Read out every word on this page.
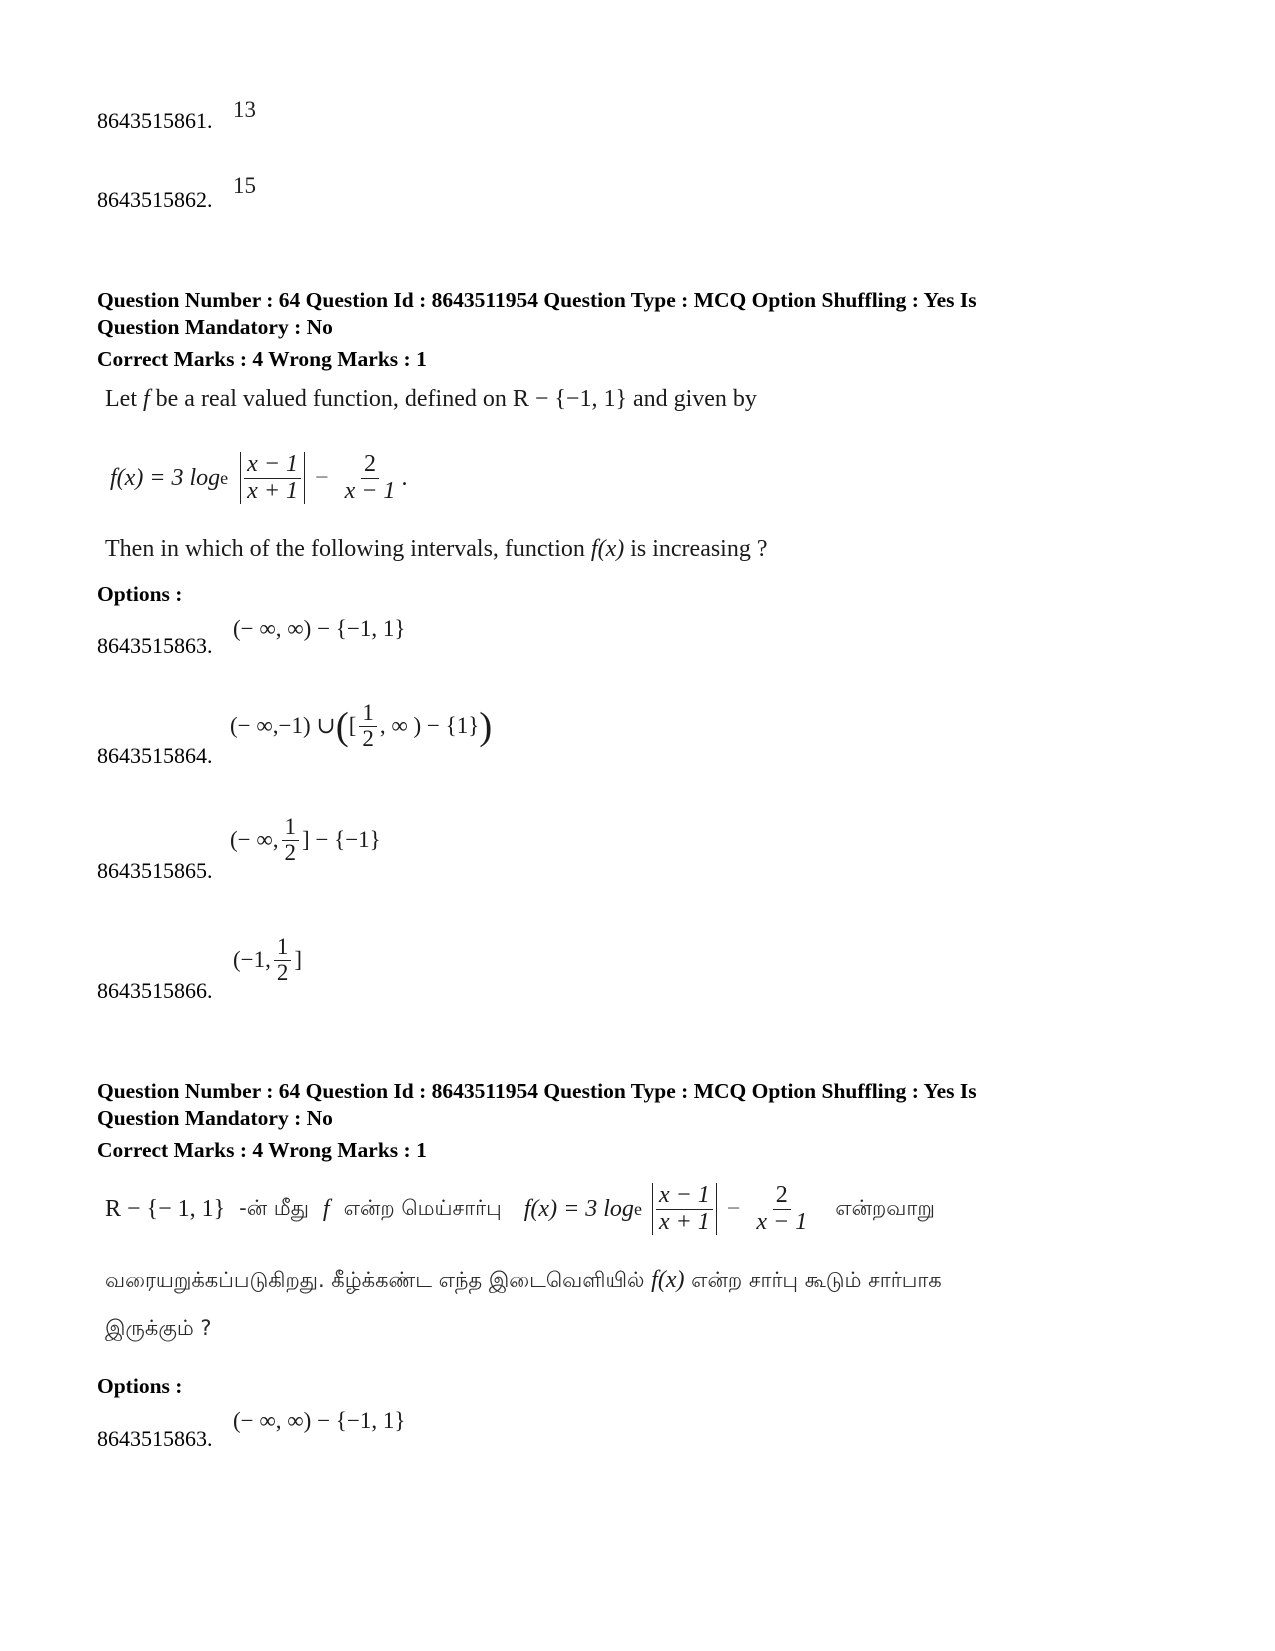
8643515861. 13
8643515862.
15
Question Number : 64 Question Id : 8643511954 Question Type : MCQ Option Shuffling : Yes Is
Question Mandatory : No
Correct Marks : 4 Wrong Marks : 1
Let f be a real valued function, defined on R − {−1, 1} and given by
f(x) = 3 log e $\frac{x - 1}{x + 1} - \frac{2}{x - 1}$ .
Then in which of the following intervals, function f(x) is increasing ?
Options :
8643515863.
(− ∞, ∞) − {−1, 1}
8643515864.
(− ∞,−1) ∪ ( [ $\frac{1}{2}$ , ∞ ) − {1} )
8643515865.
(− ∞, $\frac{1}{2}$ ] − {−1}
8643515866.
(−1, $\frac{1}{2}$ ]
Question Number : 64 Question Id : 8643511954 Question Type : MCQ Option Shuffling : Yes Is
Question Mandatory : No
Correct Marks : 4 Wrong Marks : 1
R − {− 1, 1} -ன் மீது f என்ற மெய்சார்பு f(x) = 3 log e $\frac{x - 1}{x + 1} - \frac{2}{x - 1}$ என்றவாறு
வரையறுக்கப்படுகிறது. கீழ்க்கண்ட எந்த இடைவெளியில் f(x) என்ற சார்பு கூடும் சார்பாக
இருக்கும் ?
Options :
8643515863.
(− ∞, ∞) − {−1, 1}
